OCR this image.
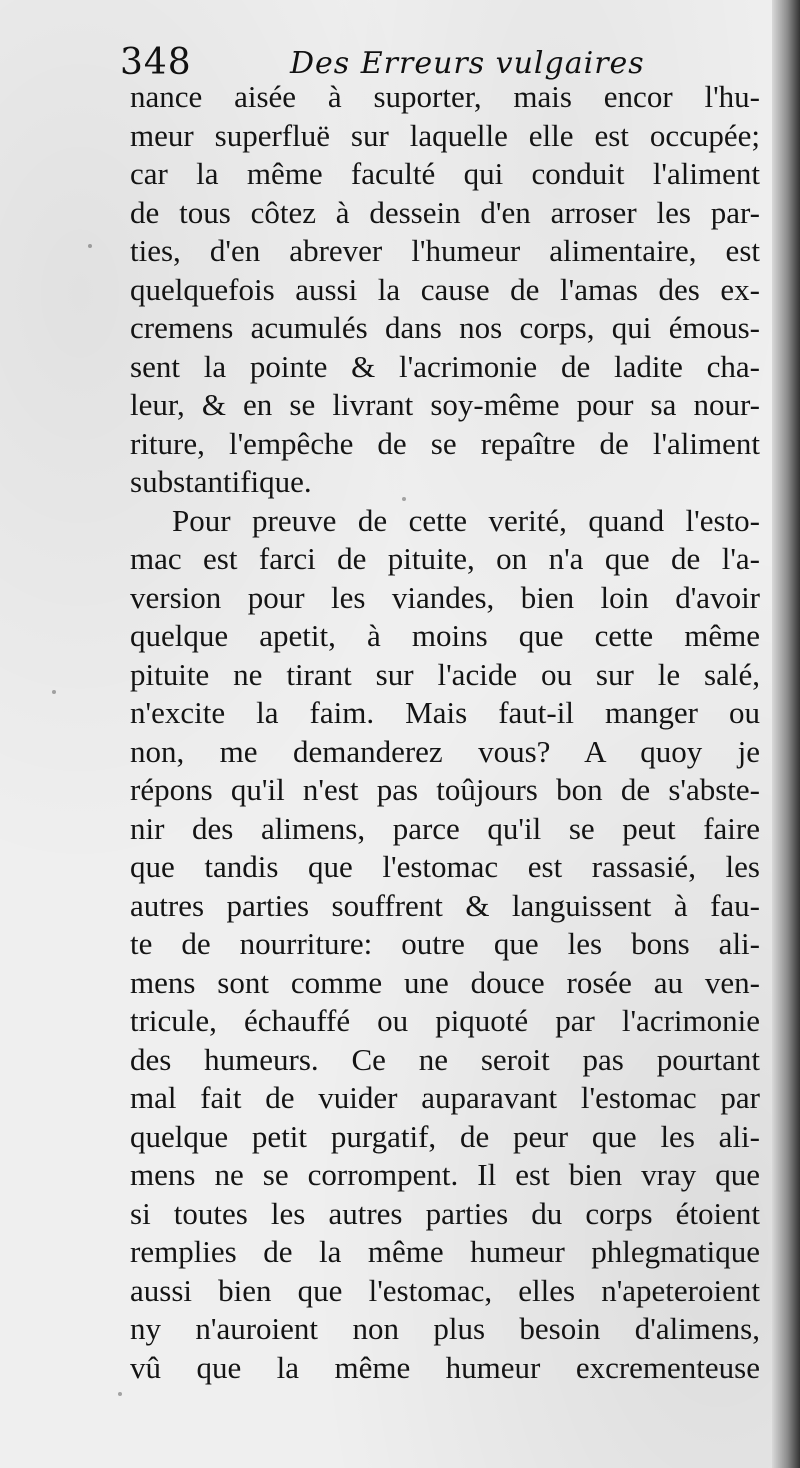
348	Des Erreurs vulgaires
nance aisée à suporter, mais encor l'hu-
meur superfluë sur laquelle elle est occupée;
car la même faculté qui conduit l'aliment
de tous côtez à dessein d'en arroser les par-
ties, d'en abrever l'humeur alimentaire, est
quelquefois aussi la cause de l'amas des ex-
cremens acumulés dans nos corps, qui émous-
sent la pointe & l'acrimonie de ladite cha-
leur, & en se livrant soy-même pour sa nour-
riture, l'empêche de se repaître de l'aliment
substantifique.
Pour preuve de cette verité, quand l'esto-
mac est farci de pituite, on n'a que de l'a-
version pour les viandes, bien loin d'avoir
quelque apetit, à moins que cette même
pituite ne tirant sur l'acide ou sur le salé,
n'excite la faim. Mais faut-il manger ou
non, me demanderez vous? A quoy je
répons qu'il n'est pas toûjours bon de s'abste-
nir des alimens, parce qu'il se peut faire
que tandis que l'estomac est rassasié, les
autres parties souffrent & languissent à fau-
te de nourriture: outre que les bons ali-
mens sont comme une douce rosée au ven-
tricule, échauffé ou piquoté par l'acrimonie
des humeurs. Ce ne seroit pas pourtant
mal fait de vuider auparavant l'estomac par
quelque petit purgatif, de peur que les ali-
mens ne se corrompent. Il est bien vray que
si toutes les autres parties du corps étoient
remplies de la même humeur phlegmatique
aussi bien que l'estomac, elles n'apeteroient
ny n'auroient non plus besoin d'alimens,
vû que la même humeur excrementeuse
